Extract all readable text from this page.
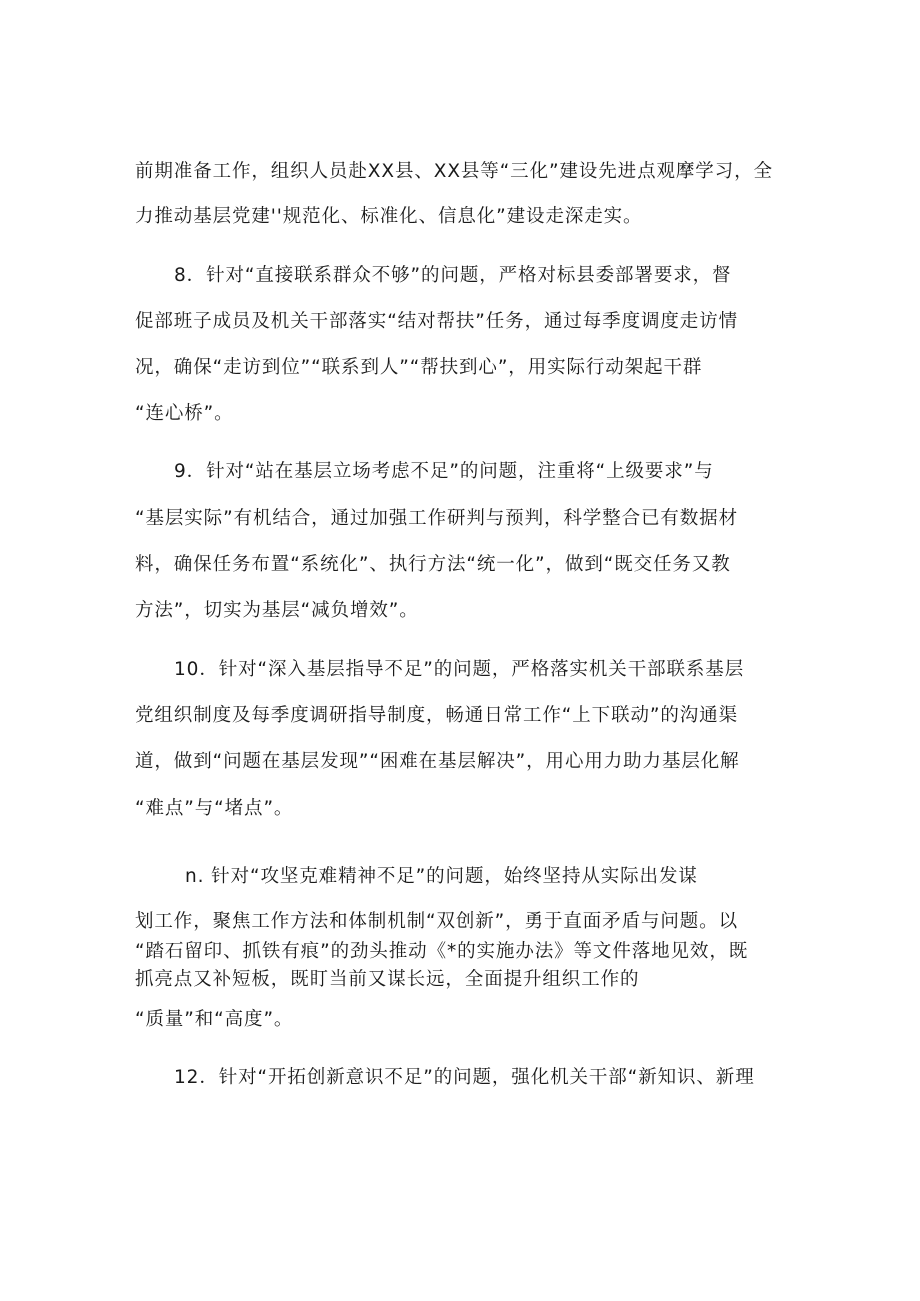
前期准备工作，组织人员赴XX县、XX县等“三化”建设先进点观摩学习，全
力推动基层党建''规范化、标准化、信息化”建设走深走实。
8．针对“直接联系群众不够”的问题，严格对标县委部署要求，督
促部班子成员及机关干部落实“结对帮扶”任务，通过每季度调度走访情
况，确保“走访到位”“联系到人”“帮扶到心”，用实际行动架起干群
“连心桥”。
9．针对“站在基层立场考虑不足”的问题，注重将“上级要求”与
“基层实际”有机结合，通过加强工作研判与预判，科学整合已有数据材
料，确保任务布置“系统化”、执行方法“统一化”，做到“既交任务又教
方法”，切实为基层“减负增效”。
10．针对“深入基层指导不足”的问题，严格落实机关干部联系基层
党组织制度及每季度调研指导制度，畅通日常工作“上下联动”的沟通渠
道，做到“问题在基层发现”“困难在基层解决”，用心用力助力基层化解
“难点”与“堵点”。
n. 针对“攻坚克难精神不足”的问题，始终坚持从实际出发谋
划工作，聚焦工作方法和体制机制“双创新”，勇于直面矛盾与问题。以
“踏石留印、抓铁有痕”的劲头推动《*的实施办法》等文件落地见效，既
抓亮点又补短板，既盯当前又谋长远，全面提升组织工作的
“质量”和“高度”。
12．针对“开拓创新意识不足”的问题，强化机关干部“新知识、新理
